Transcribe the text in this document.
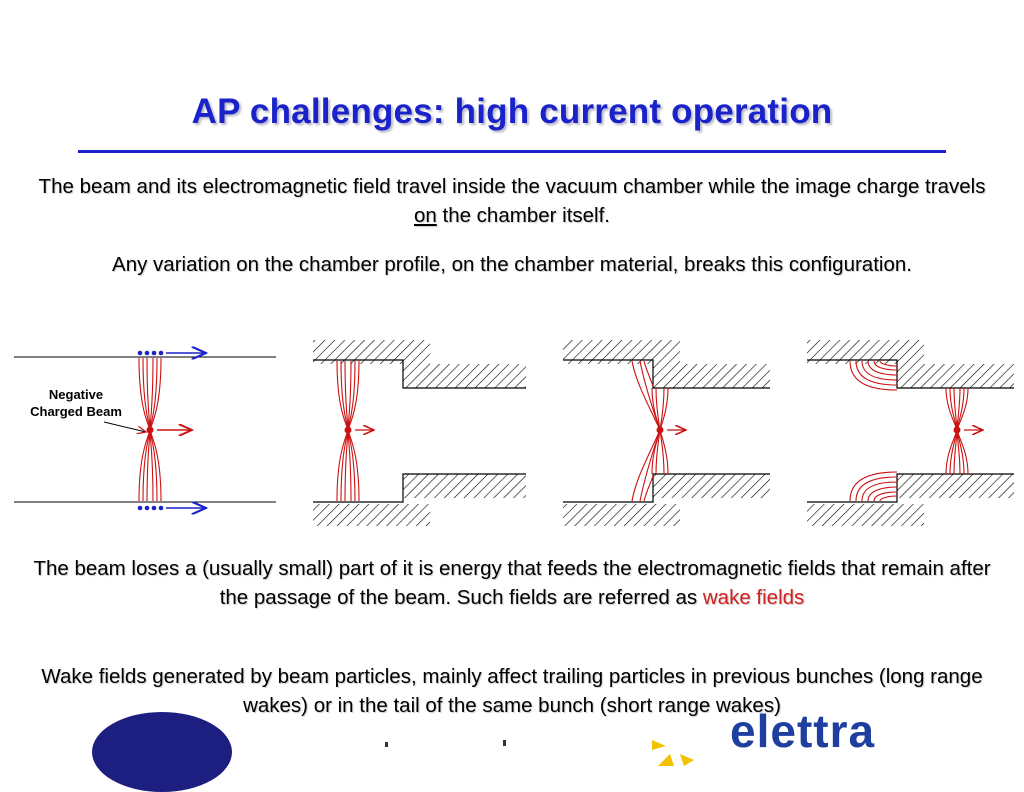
AP challenges: high current operation
The beam and its electromagnetic field travel inside the vacuum chamber while the image charge travels on the chamber itself.
Any variation on the chamber profile, on the chamber material, breaks this configuration.
Negative
Charged Beam
elettra
The beam loses a (usually small) part of it is energy that feeds the electromagnetic fields that remain after the passage of the beam. Such fields are referred as wake fields
Wake fields generated by beam particles, mainly affect trailing particles in previous bunches (long range wakes) or in the tail of the same bunch (short range wakes)
